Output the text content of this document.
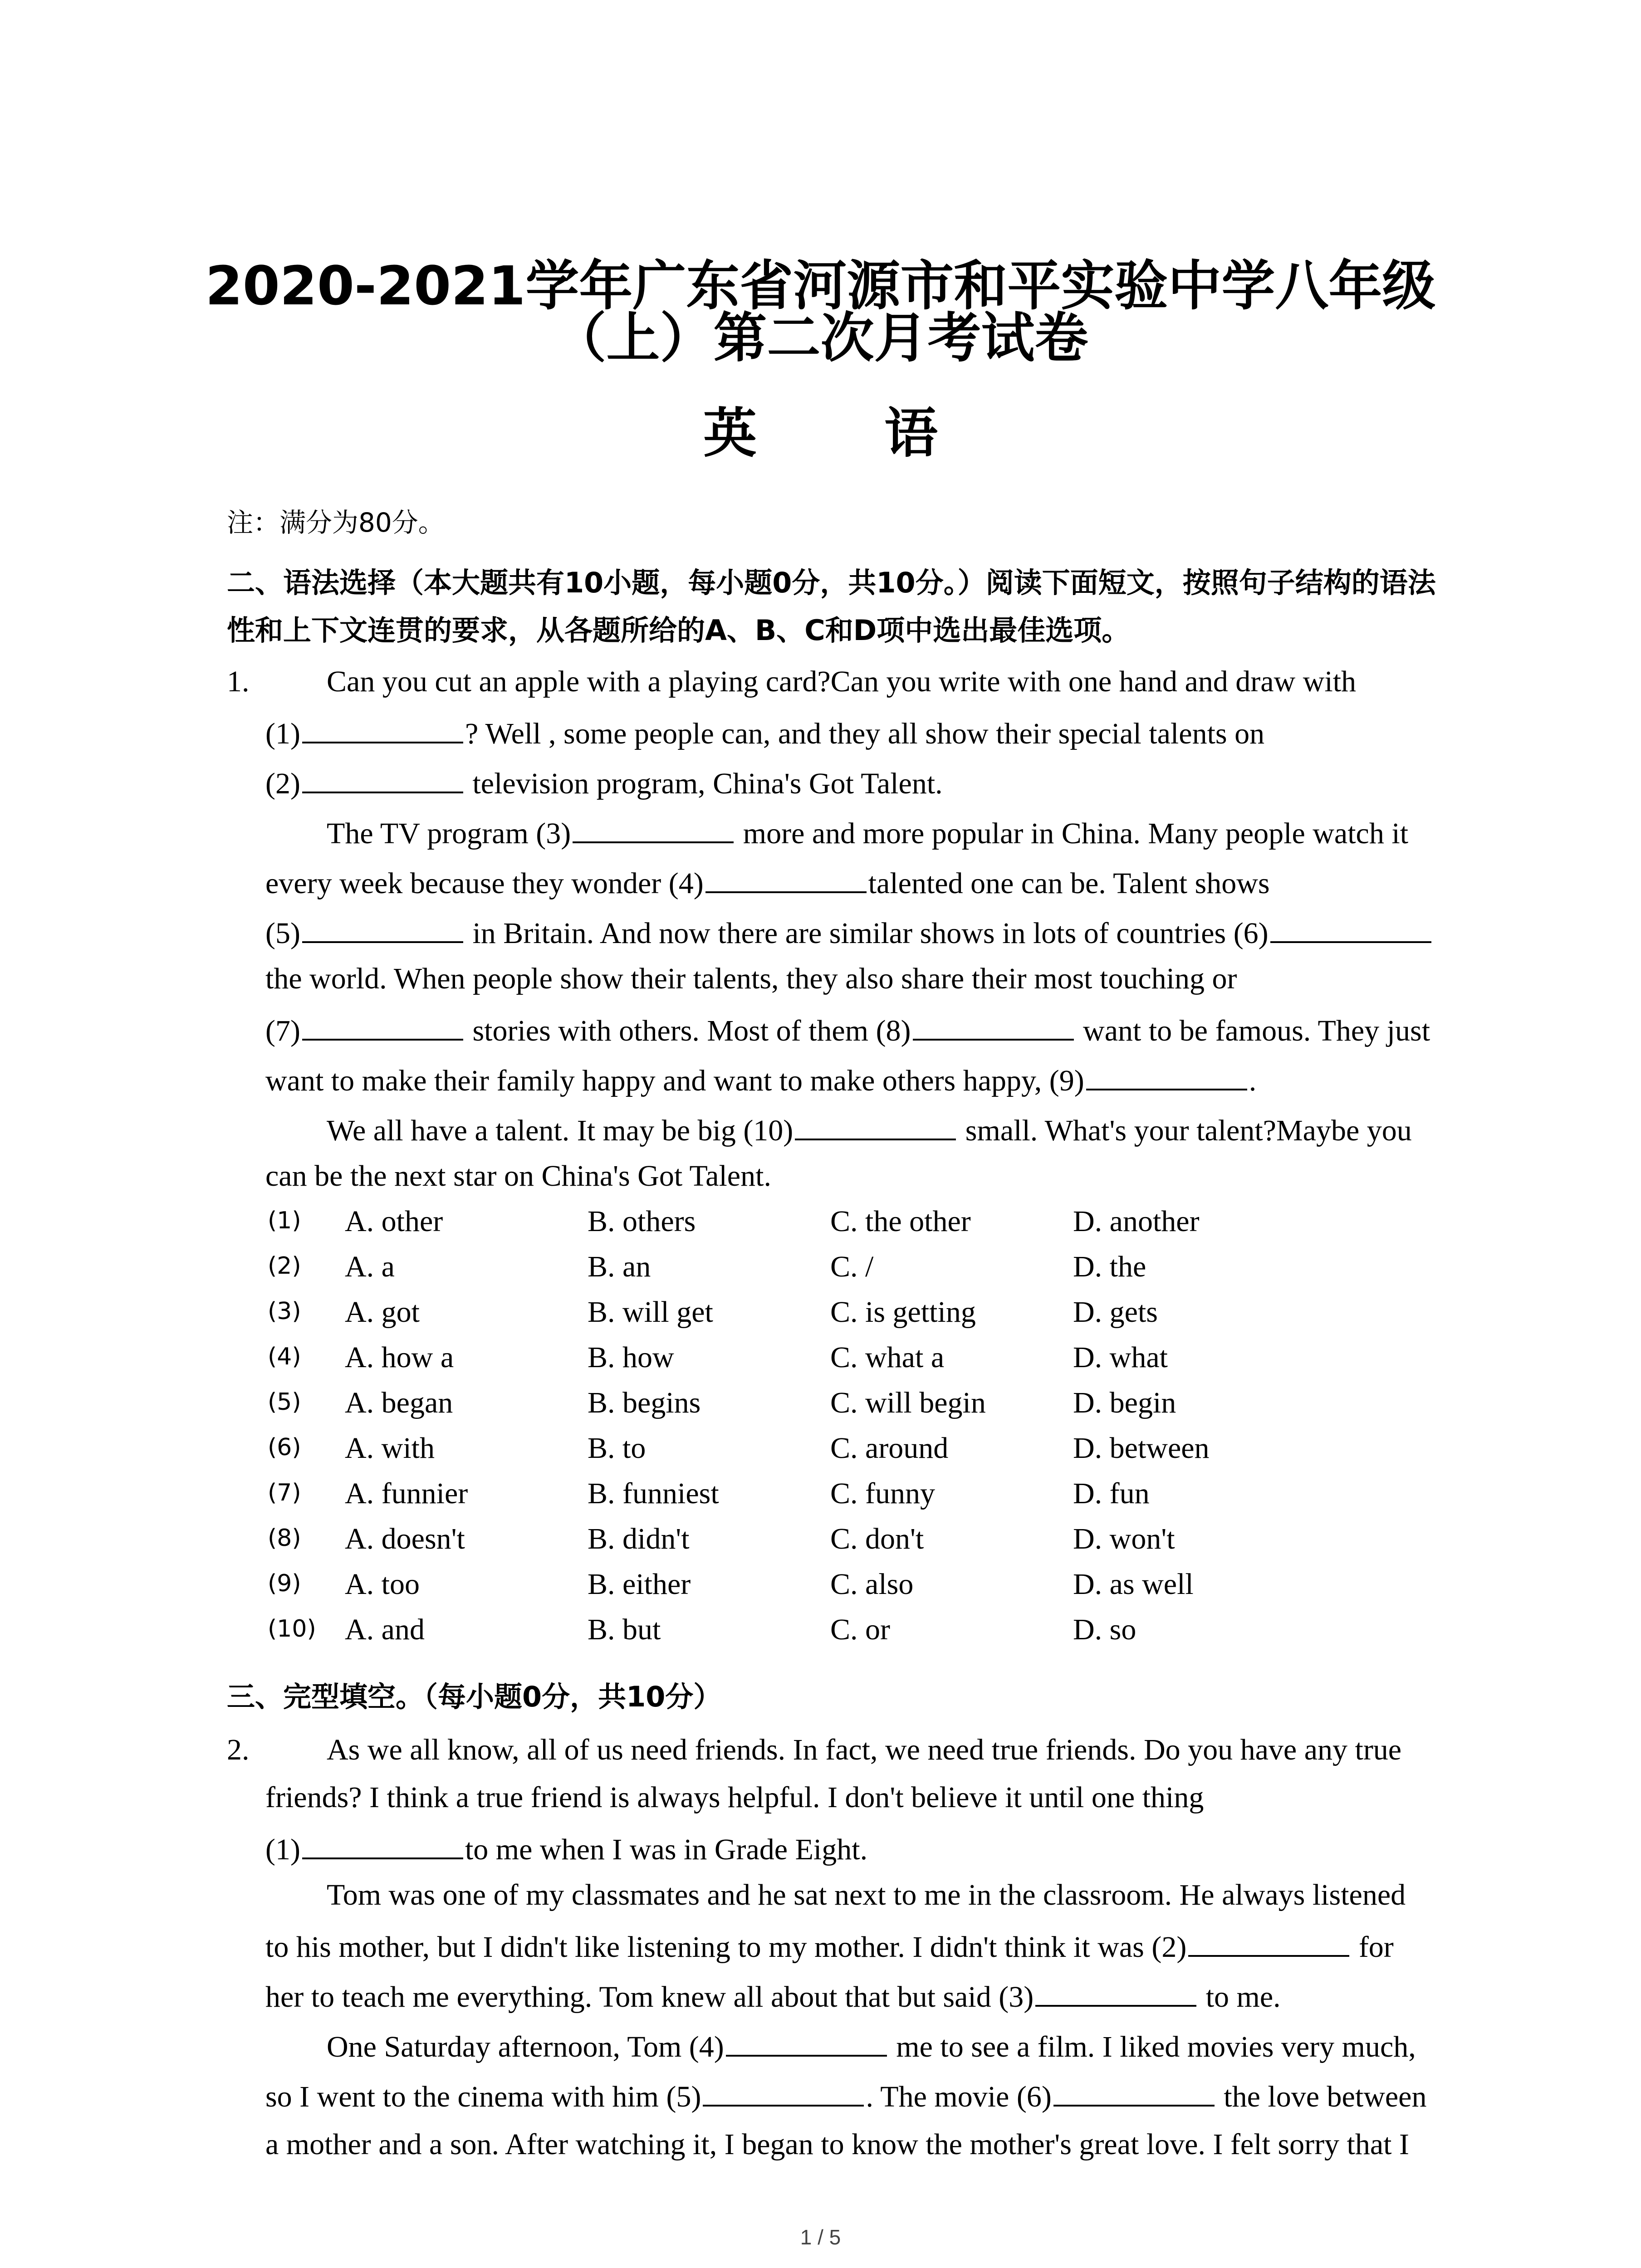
2020-2021学年广东省河源市和平实验中学八年级
（上）第二次月考试卷
英 语
注：满分为80分。
二、语法选择（本大题共有10小题，每小题0分，共10分。）阅读下面短文，按照句子结构的语法性和上下文连贯的要求，从各题所给的A、B、C和D项中选出最佳选项。
1.	Can you cut an apple with a playing card?Can you write with one hand and draw with
(1)	? Well , some people can, and they all show their special talents on
(2)	television program, China's Got Talent.
The TV program (3)	more and more popular in China. Many people watch it
every week because they wonder (4)	talented one can be. Talent shows
(5)	in Britain. And now there are similar shows in lots of countries (6)
the world. When people show their talents, they also share their most touching or
(7)	stories with others. Most of them (8)	want to be famous. They just
want to make their family happy and want to make others happy, (9)	.
We all have a talent. It may be big (10)	small. What's your talent?Maybe you
can be the next star on China's Got Talent.
(1) A. other	B. others	C. the other	D. another
(2) A. a	B. an	C. /	D. the
(3) A. got	B. will get	C. is getting	D. gets
(4) A. how a	B. how	C. what a	D. what
(5) A. began	B. begins	C. will begin	D. begin
(6) A. with	B. to	C. around	D. between
(7) A. funnier	B. funniest	C. funny	D. fun
(8) A. doesn't	B. didn't	C. don't	D. won't
(9) A. too	B. either	C. also	D. as well
(10) A. and	B. but	C. or	D. so
三、完型填空。（每小题0分，共10分）
2.	As we all know, all of us need friends. In fact, we need true friends. Do you have any true
friends? I think a true friend is always helpful. I don't believe it until one thing
(1)	to me when I was in Grade Eight.
Tom was one of my classmates and he sat next to me in the classroom. He always listened
to his mother, but I didn't like listening to my mother. I didn't think it was (2)	for
her to teach me everything. Tom knew all about that but said (3)	to me.
One Saturday afternoon, Tom (4)	me to see a film. I liked movies very much,
so I went to the cinema with him (5)	. The movie (6)	the love between
a mother and a son. After watching it, I began to know the mother's great love. I felt sorry that I
1 / 5
